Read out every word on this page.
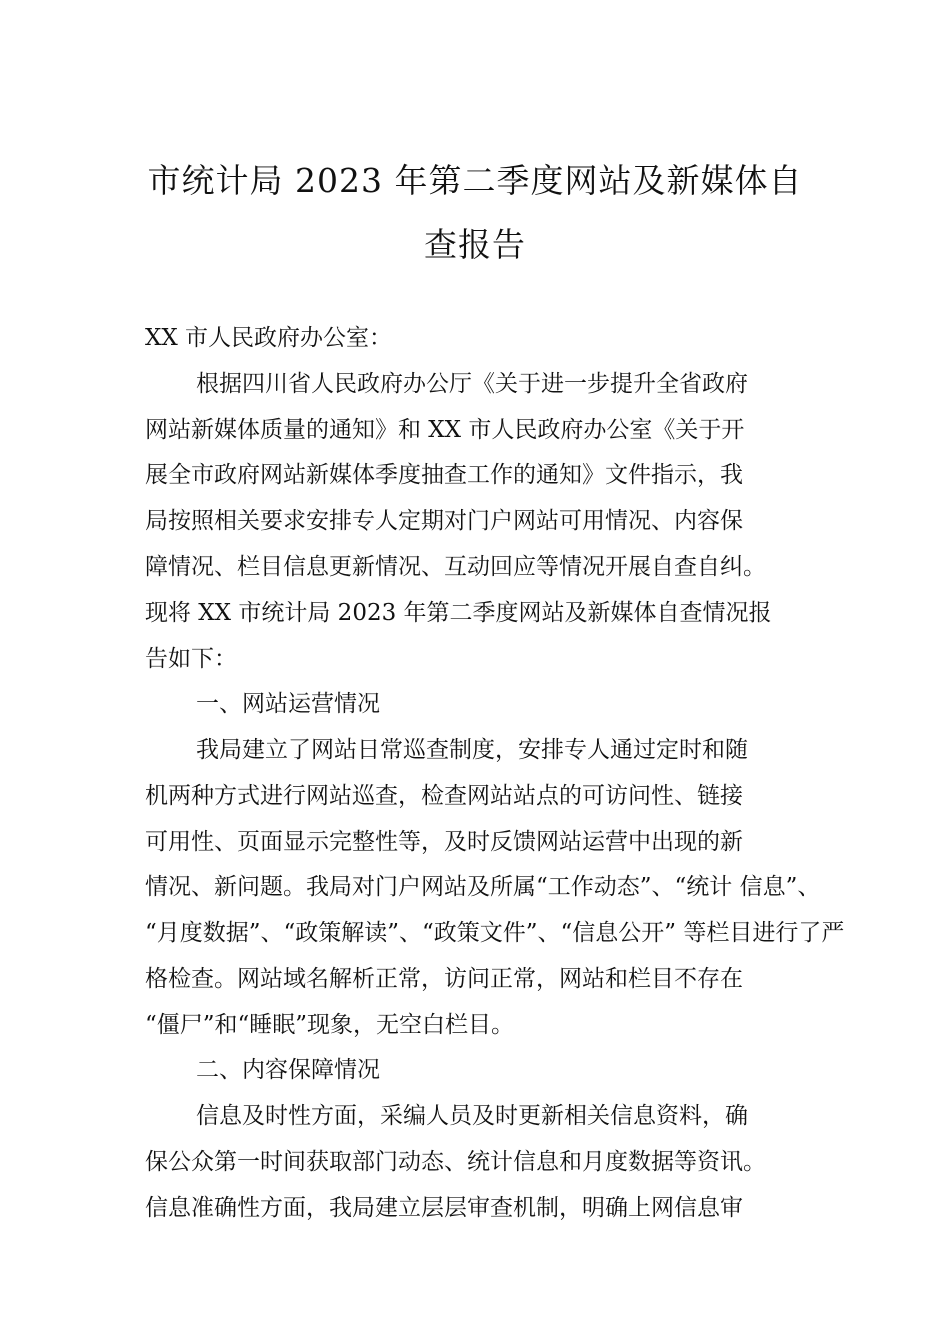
市统计局 2023 年第二季度网站及新媒体自
查报告

XX 市人民政府办公室：

根据四川省人民政府办公厅《关于进一步提升全省政府

网站新媒体质量的通知》和 XX 市人民政府办公室《关于开

展全市政府网站新媒体季度抽查工作的通知》文件指示，我

局按照相关要求安排专人定期对门户网站可用情况、内容保

障情况、栏目信息更新情况、互动回应等情况开展自查自纠。

现将 XX 市统计局 2023 年第二季度网站及新媒体自查情况报

告如下：

一、网站运营情况

我局建立了网站日常巡查制度，安排专人通过定时和随

机两种方式进行网站巡查，检查网站站点的可访问性、链接

可用性、页面显示完整性等，及时反馈网站运营中出现的新

情况、新问题。我局对门户网站及所属“工作动态”、“统计 信息”、

“月度数据”、“政策解读”、“政策文件”、“信息公开” 等栏目进行了严

格检查。网站域名解析正常，访问正常，网站和栏目不存在

“僵尸”和“睡眠”现象，无空白栏目。

二、内容保障情况

信息及时性方面，采编人员及时更新相关信息资料，确

保公众第一时间获取部门动态、统计信息和月度数据等资讯。

信息准确性方面，我局建立层层审查机制，明确上网信息审
